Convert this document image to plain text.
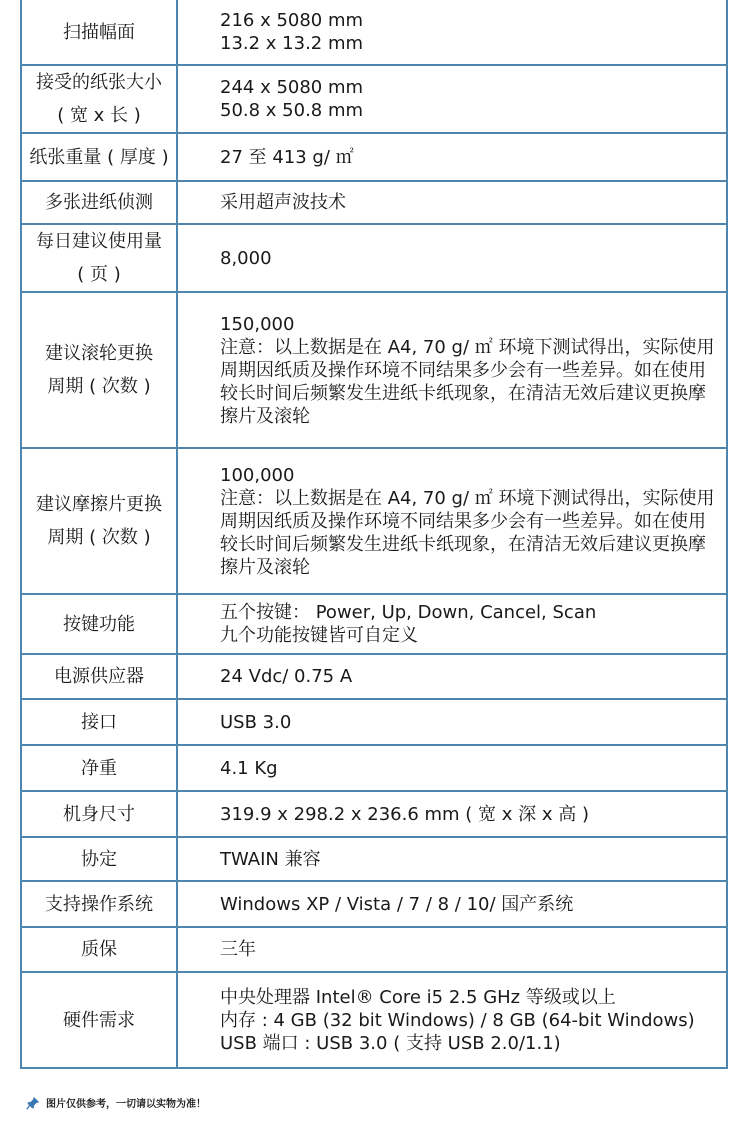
扫描幅面	216 x 5080 mm
13.2 x 13.2 mm

接受的纸张大小
( 宽 x 长 )	244 x 5080 mm
50.8 x 50.8 mm

纸张重量 ( 厚度 )	27 至 413 g/ ㎡

多张进纸侦测	采用超声波技术

每日建议使用量
( 页 )	8,000

建议滚轮更换
周期 ( 次数 )	150,000
注意：以上数据是在 A4, 70 g/ ㎡ 环境下测试得出，实际使用周期因纸质及操作环境不同结果多少会有一些差异。如在使用较长时间后频繁发生进纸卡纸现象，在清洁无效后建议更换摩擦片及滚轮

建议摩擦片更换
周期 ( 次数 )	100,000
注意：以上数据是在 A4, 70 g/ ㎡ 环境下测试得出，实际使用周期因纸质及操作环境不同结果多少会有一些差异。如在使用较长时间后频繁发生进纸卡纸现象，在清洁无效后建议更换摩擦片及滚轮

按键功能	五个按键： Power, Up, Down, Cancel, Scan
九个功能按键皆可自定义

电源供应器	24 Vdc/ 0.75 A

接口	USB 3.0

净重	4.1 Kg

机身尺寸	319.9 x 298.2 x 236.6 mm ( 宽 x 深 x 高 )

协定	TWAIN 兼容

支持操作系统	Windows XP / Vista / 7 / 8 / 10/ 国产系统

质保	三年

硬件需求	中央处理器 Intel® Core i5 2.5 GHz 等级或以上
内存 : 4 GB (32 bit Windows) / 8 GB (64-bit Windows)
USB 端口 : USB 3.0 ( 支持 USB 2.0/1.1)
图片仅供参考，一切请以实物为准！
